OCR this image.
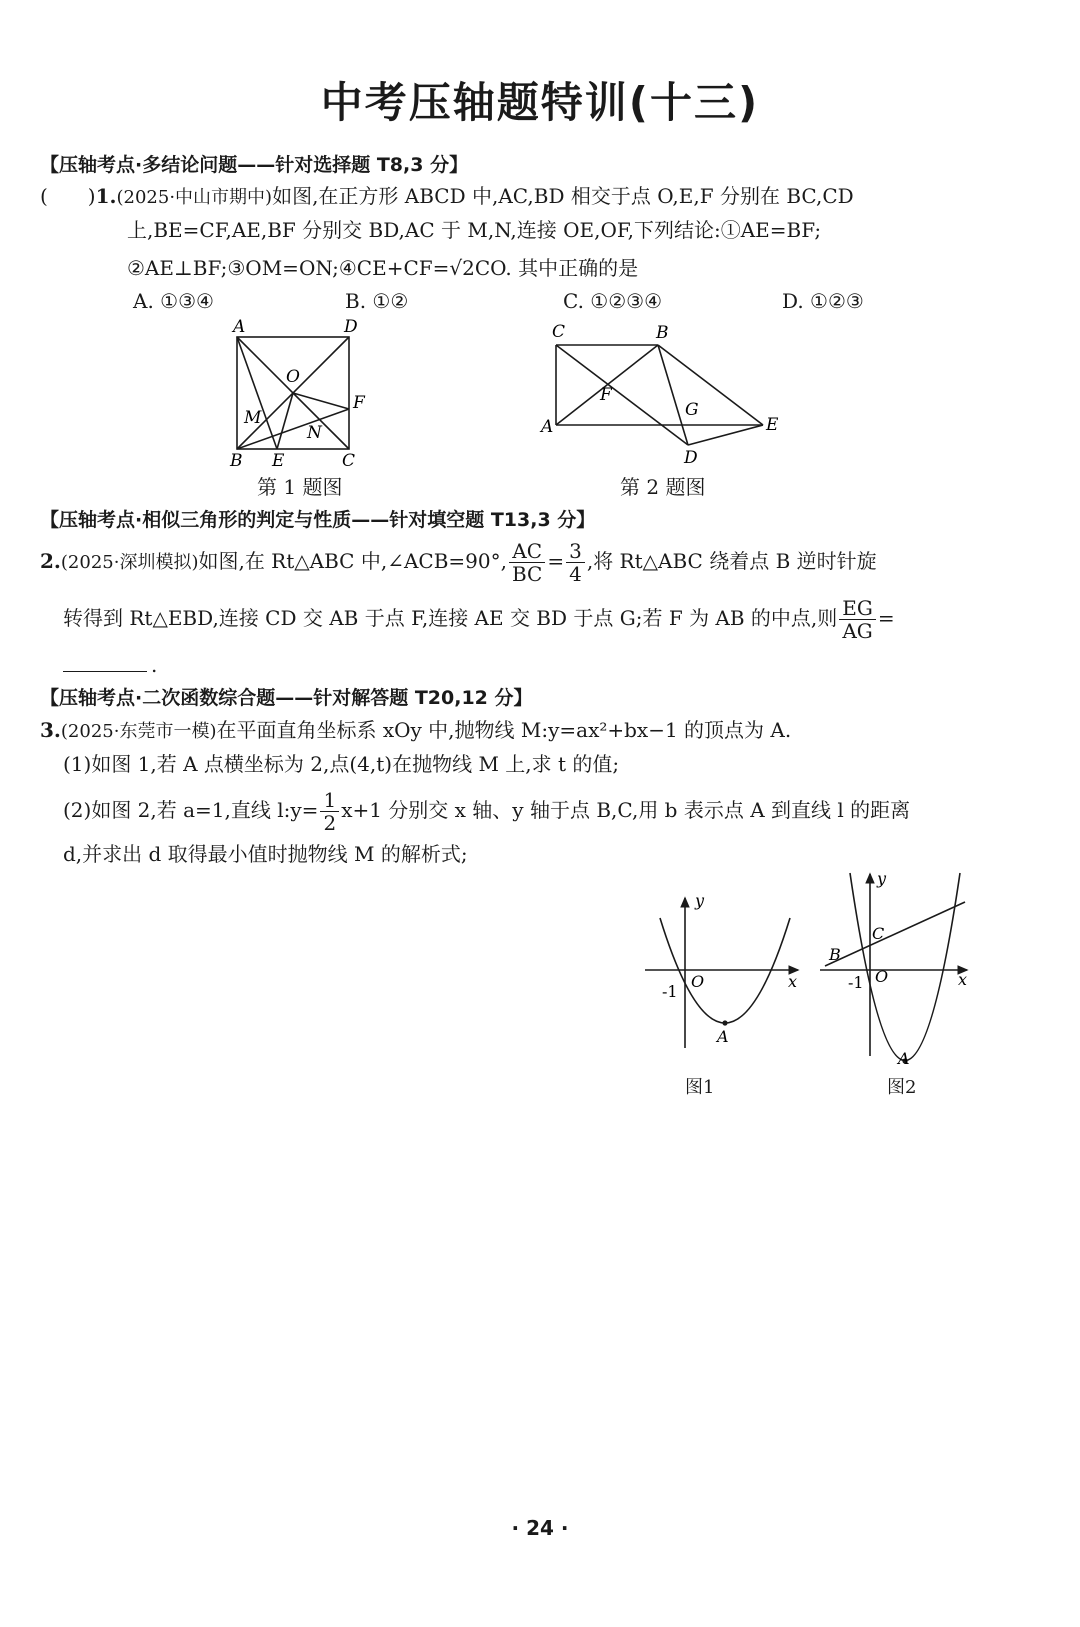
中考压轴题特训(十三)
【压轴考点·多结论问题——针对选择题 T8,3 分】
(　　)1.(2025·中山市期中)如图,在正方形 ABCD 中,AC,BD 相交于点 O,E,F 分别在 BC,CD
上,BE=CF,AE,BF 分别交 BD,AC 于 M,N,连接 OE,OF,下列结论:①AE=BF;
②AE⊥BF;③OM=ON;④CE+CF=√2CO. 其中正确的是
A. ①③④	B. ①②	C. ①②③④	D. ①②③
A	D
O
M
F
N
B E	C
第 1 题图
C	B
F
G
A	E
D
第 2 题图
【压轴考点·相似三角形的判定与性质——针对填空题 T13,3 分】
2.(2025·深圳模拟)如图,在 Rt△ABC 中,∠ACB=90°, $\frac{AC}{BC} = \frac{3}{4}$ ,将 Rt△ABC 绕着点 B 逆时针旋
转得到 Rt△EBD,连接 CD 交 AB 于点 F,连接 AE 交 BD 于点 G;若 F 为 AB 的中点,则 $\frac{EG}{AG}$ =
.
【压轴考点·二次函数综合题——针对解答题 T20,12 分】
3.(2025·东莞市一模)在平面直角坐标系 xOy 中,抛物线 M:y=ax²+bx−1 的顶点为 A.
(1)如图 1,若 A 点横坐标为 2,点(4,t)在抛物线 M 上,求 t 的值;
(2)如图 2,若 a=1,直线 l:y= $\frac{1}{2} x+1$ 分别交 x 轴、y 轴于点 B,C,用 b 表示点 A 到直线 l 的距离
d,并求出 d 取得最小值时抛物线 M 的解析式;
y
O	x
-1
A
图1
y
C
B
-1 O	x
A
图2
· 24 ·
